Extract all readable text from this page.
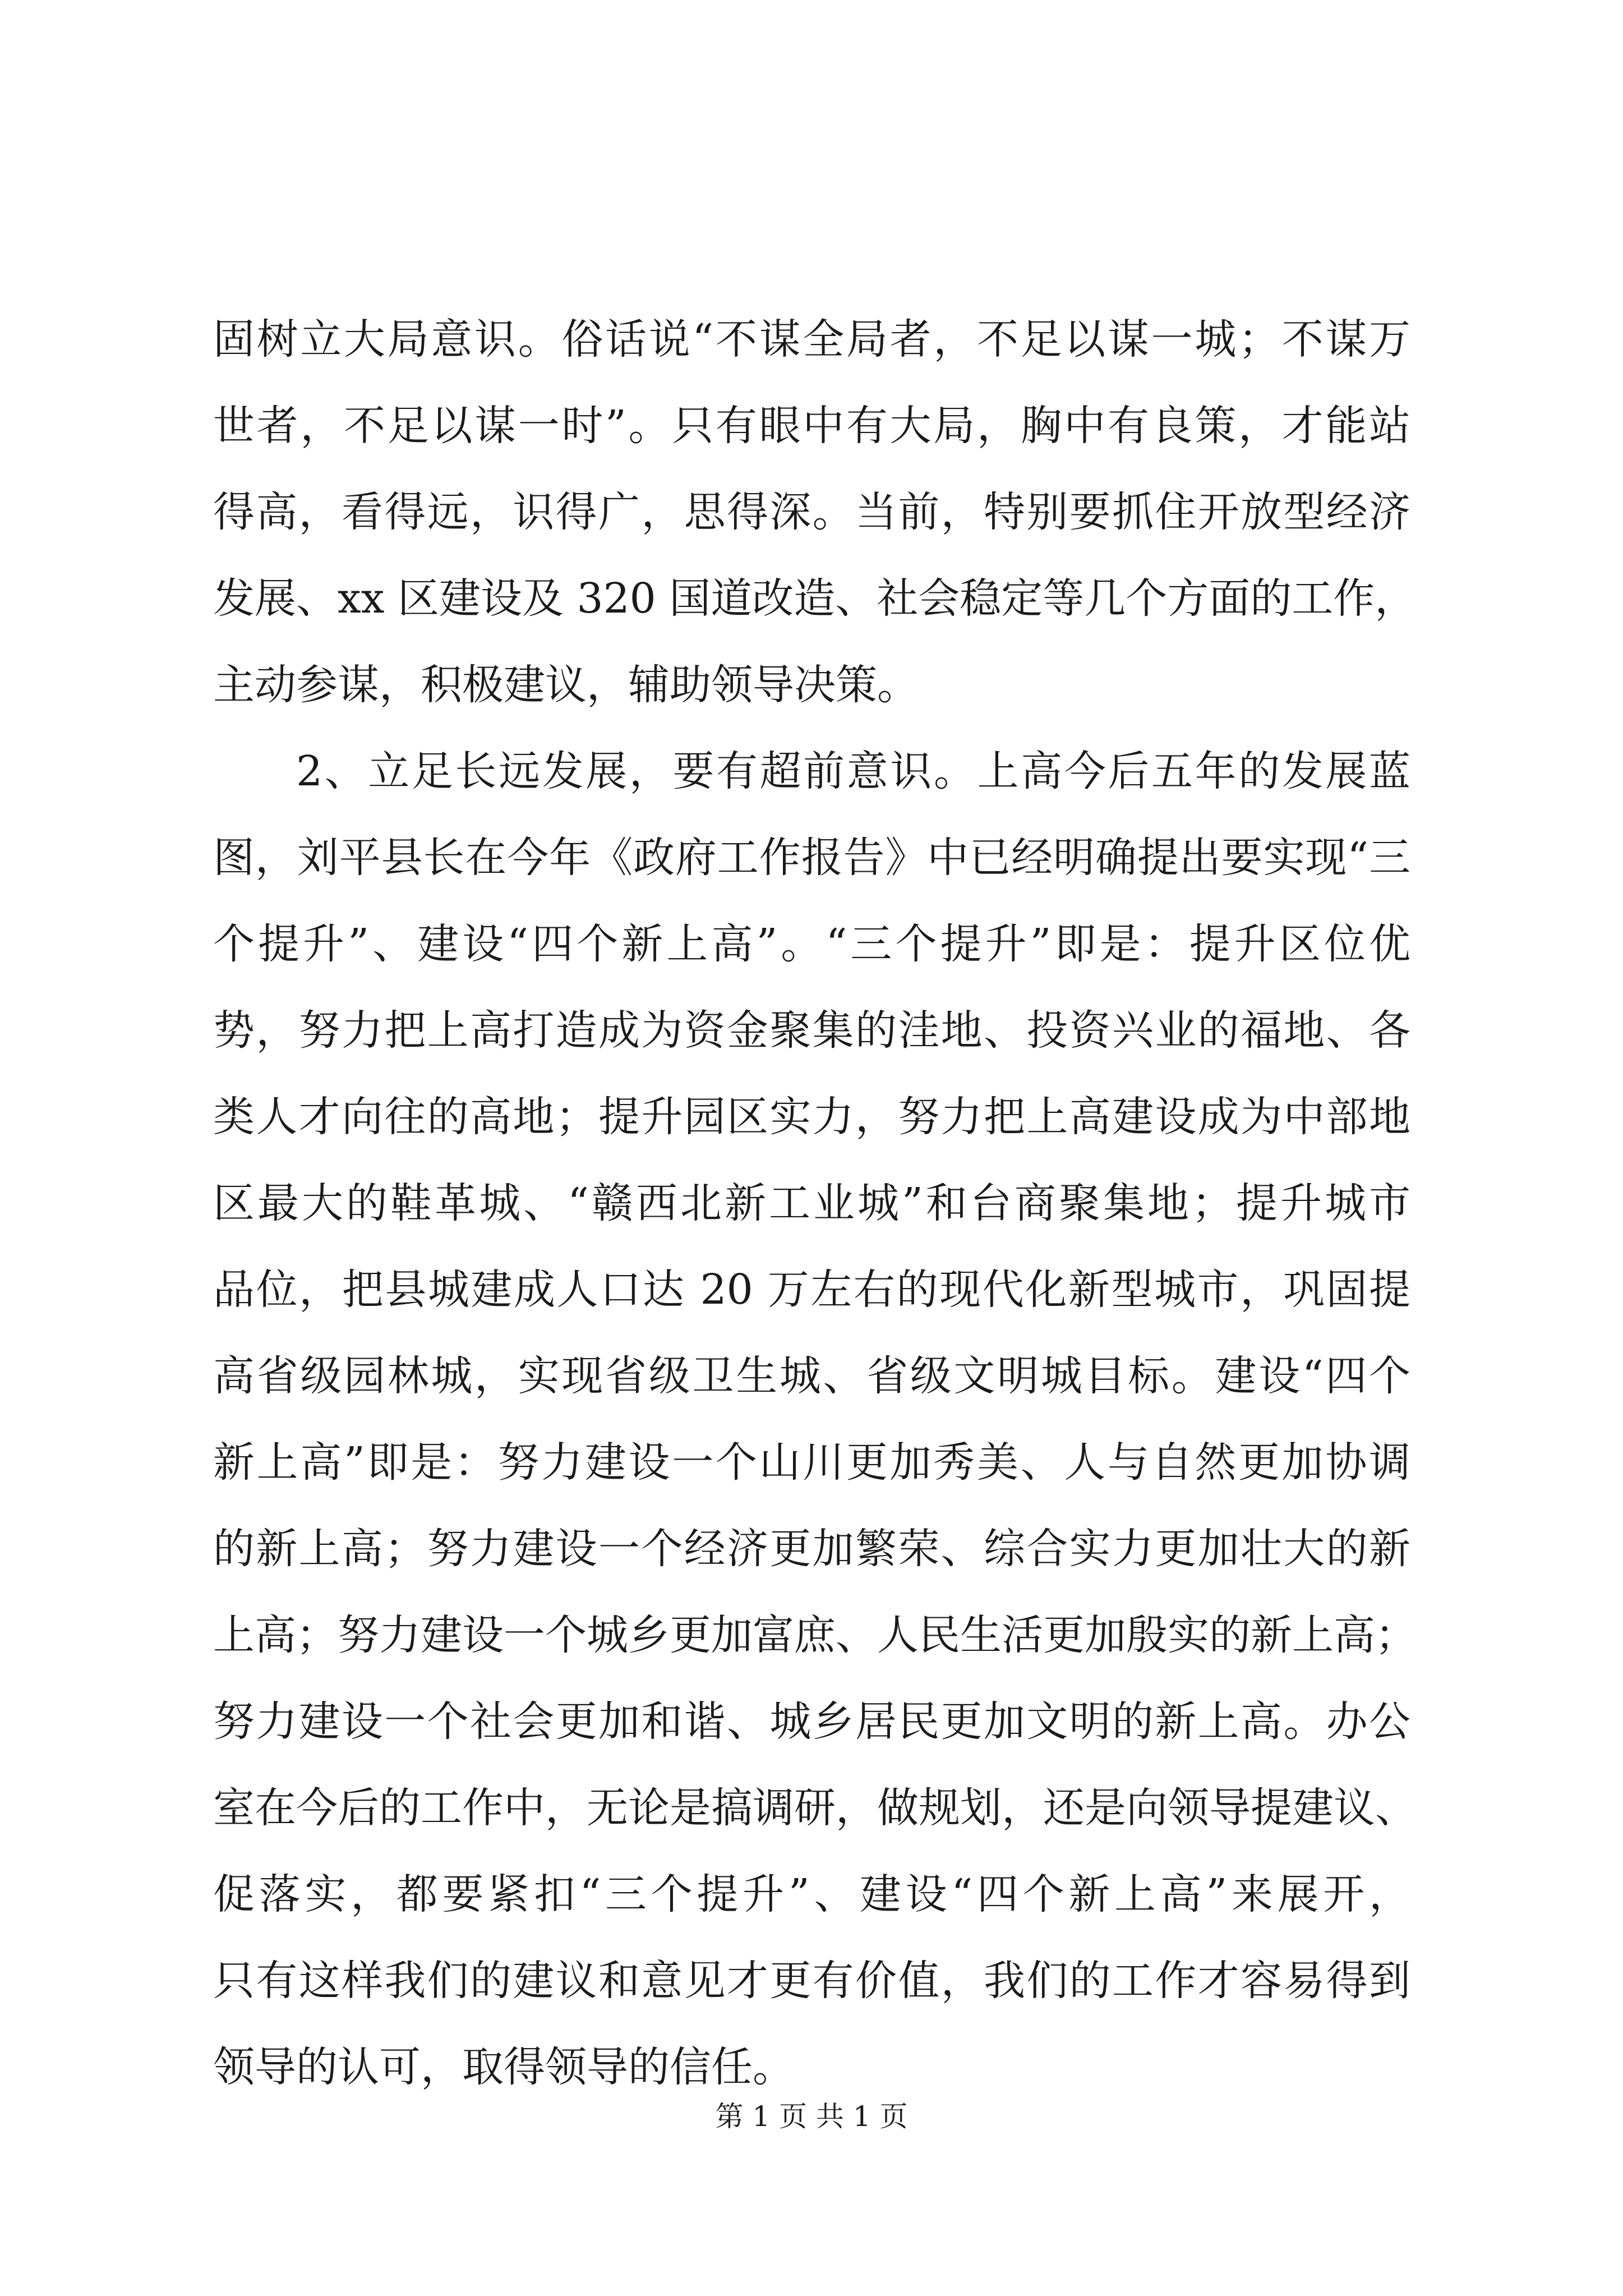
固树立大局意识。俗话说“不谋全局者，不足以谋一城；不谋万
世者，不足以谋一时”。只有眼中有大局，胸中有良策，才能站
得高，看得远，识得广，思得深。当前，特别要抓住开放型经济
发展、xx 区建设及 320 国道改造、社会稳定等几个方面的工作，
主动参谋，积极建议，辅助领导决策。
2、立足长远发展，要有超前意识。上高今后五年的发展蓝
图，刘平县长在今年《政府工作报告》中已经明确提出要实现“三
个提升”、建设“四个新上高”。“三个提升”即是：提升区位优
势，努力把上高打造成为资金聚集的洼地、投资兴业的福地、各
类人才向往的高地；提升园区实力，努力把上高建设成为中部地
区最大的鞋革城、“赣西北新工业城”和台商聚集地；提升城市
品位，把县城建成人口达 20 万左右的现代化新型城市，巩固提
高省级园林城，实现省级卫生城、省级文明城目标。建设“四个
新上高”即是：努力建设一个山川更加秀美、人与自然更加协调
的新上高；努力建设一个经济更加繁荣、综合实力更加壮大的新
上高；努力建设一个城乡更加富庶、人民生活更加殷实的新上高；
努力建设一个社会更加和谐、城乡居民更加文明的新上高。办公
室在今后的工作中，无论是搞调研，做规划，还是向领导提建议、
促落实，都要紧扣“三个提升”、建设“四个新上高”来展开，
只有这样我们的建议和意见才更有价值，我们的工作才容易得到
领导的认可，取得领导的信任。
第 1 页 共 1 页
